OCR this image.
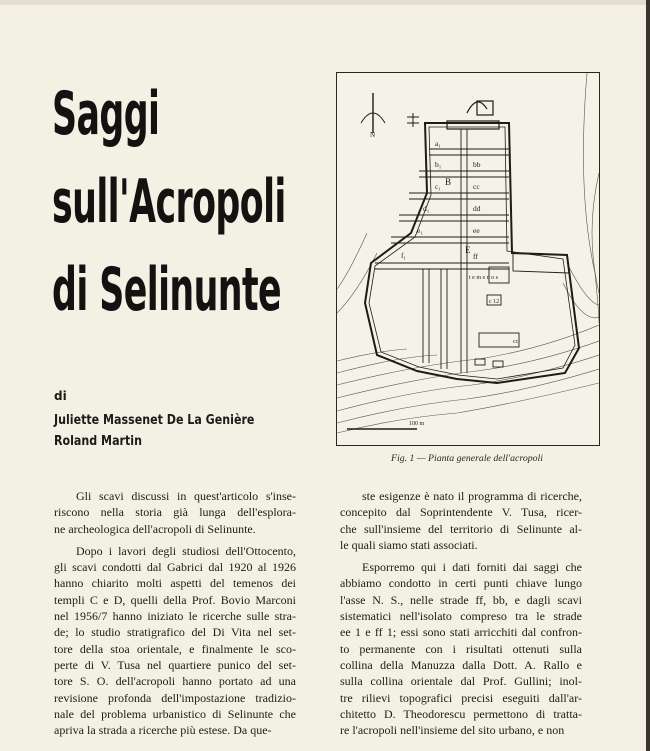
Saggi
sull'Acropoli
di Selinunte
di
Juliette Massenet De La Genière
Roland Martin
N
a₁
b₁
c₁
d₁
e₁
f₁
B
E
bb
cc
dd
ee
ff
t e m e n o s
c 12
cc
100 m
Fig. 1 — Pianta generale dell'acropoli

Gli scavi discussi in quest'articolo s'inse-
riscono nella storia già lunga dell'esplora-
ne archeologica dell'acropoli di Selinunte.

Dopo i lavori degli studiosi dell'Ottocento,
gli scavi condotti dal Gabrici dal 1920 al 1926
hanno chiarito molti aspetti del temenos dei
templi C e D, quelli della Prof. Bovio Marconi
nel 1956/7 hanno iniziato le ricerche sulle stra-
de; lo studio stratigrafico del Di Vita nel set-
tore della stoa orientale, e finalmente le sco-
perte di V. Tusa nel quartiere punico del set-
tore S. O. dell'acropoli hanno portato ad una
revisione profonda dell'impostazione tradizio-
nale del problema urbanistico di Selinunte che
apriva la strada a ricerche più estese. Da que-

ste esigenze è nato il programma di ricerche,
concepito dal Soprintendente V. Tusa, ricer-
che sull'insieme del territorio di Selinunte al-
le quali siamo stati associati.

Esporremo qui i dati forniti dai saggi che
abbiamo condotto in certi punti chiave lungo
l'asse N. S., nelle strade ff, bb, e dagli scavi
sistematici nell'isolato compreso tra le strade
ee 1 e ff 1; essi sono stati arricchiti dal confron-
to permanente con i risultati ottenuti sulla
collina della Manuzza dalla Dott. A. Rallo e
sulla collina orientale dal Prof. Gullini; inol-
tre rilievi topografici precisi eseguiti dall'ar-
chitetto D. Theodorescu permettono di tratta-
re l'acropoli nell'insieme del sito urbano, e non
